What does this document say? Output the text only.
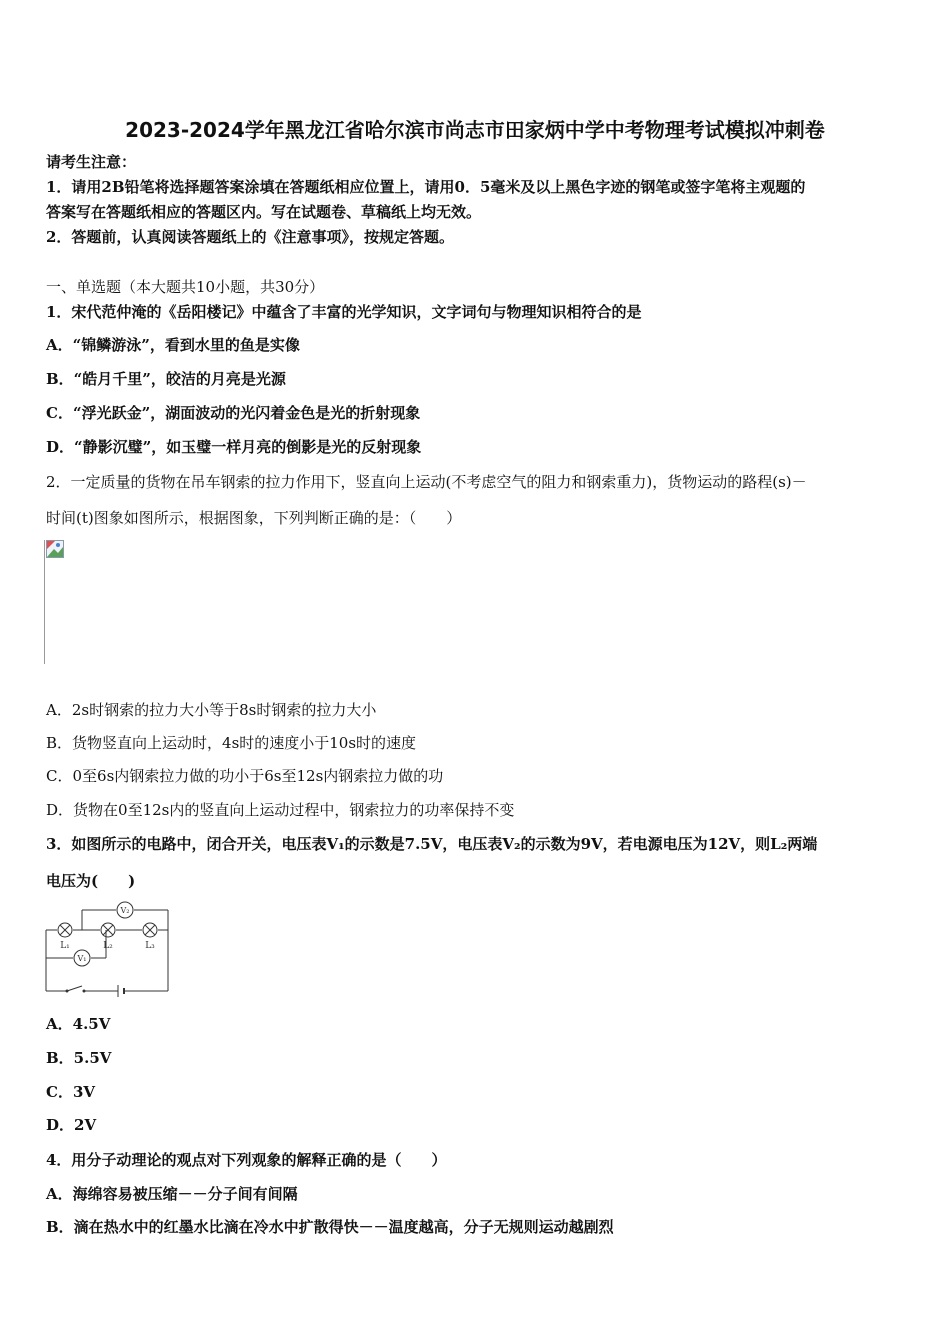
2023-2024学年黑龙江省哈尔滨市尚志市田家炳中学中考物理考试模拟冲刺卷
请考生注意：
1．请用2B铅笔将选择题答案涂填在答题纸相应位置上，请用0．5毫米及以上黑色字迹的钢笔或签字笔将主观题的
答案写在答题纸相应的答题区内。写在试题卷、草稿纸上均无效。
2．答题前，认真阅读答题纸上的《注意事项》，按规定答题。
一、单选题（本大题共10小题，共30分）
1．宋代范仲淹的《岳阳楼记》中蕴含了丰富的光学知识，文字词句与物理知识相符合的是
A．“锦鳞游泳”，看到水里的鱼是实像
B．“皓月千里”，皎洁的月亮是光源
C．“浮光跃金”，湖面波动的光闪着金色是光的折射现象
D．“静影沉璧”，如玉璧一样月亮的倒影是光的反射现象
2．一定质量的货物在吊车钢索的拉力作用下，竖直向上运动(不考虑空气的阻力和钢索重力)，货物运动的路程(s)－
时间(t)图象如图所示，根据图象，下列判断正确的是：（　　）
A．2s时钢索的拉力大小等于8s时钢索的拉力大小
B．货物竖直向上运动时，4s时的速度小于10s时的速度
C．0至6s内钢索拉力做的功小于6s至12s内钢索拉力做的功
D．货物在0至12s内的竖直向上运动过程中，钢索拉力的功率保持不变
3．如图所示的电路中，闭合开关，电压表V₁的示数是7.5V，电压表V₂的示数为9V，若电源电压为12V，则L₂两端
电压为(　　)
V₂
V₁
L₁	L₂	L₃
A．4.5V
B．5.5V
C．3V
D．2V
4．用分子动理论的观点对下列观象的解释正确的是（　　）
A．海绵容易被压缩－－分子间有间隔
B．滴在热水中的红墨水比滴在冷水中扩散得快－－温度越高，分子无规则运动越剧烈
